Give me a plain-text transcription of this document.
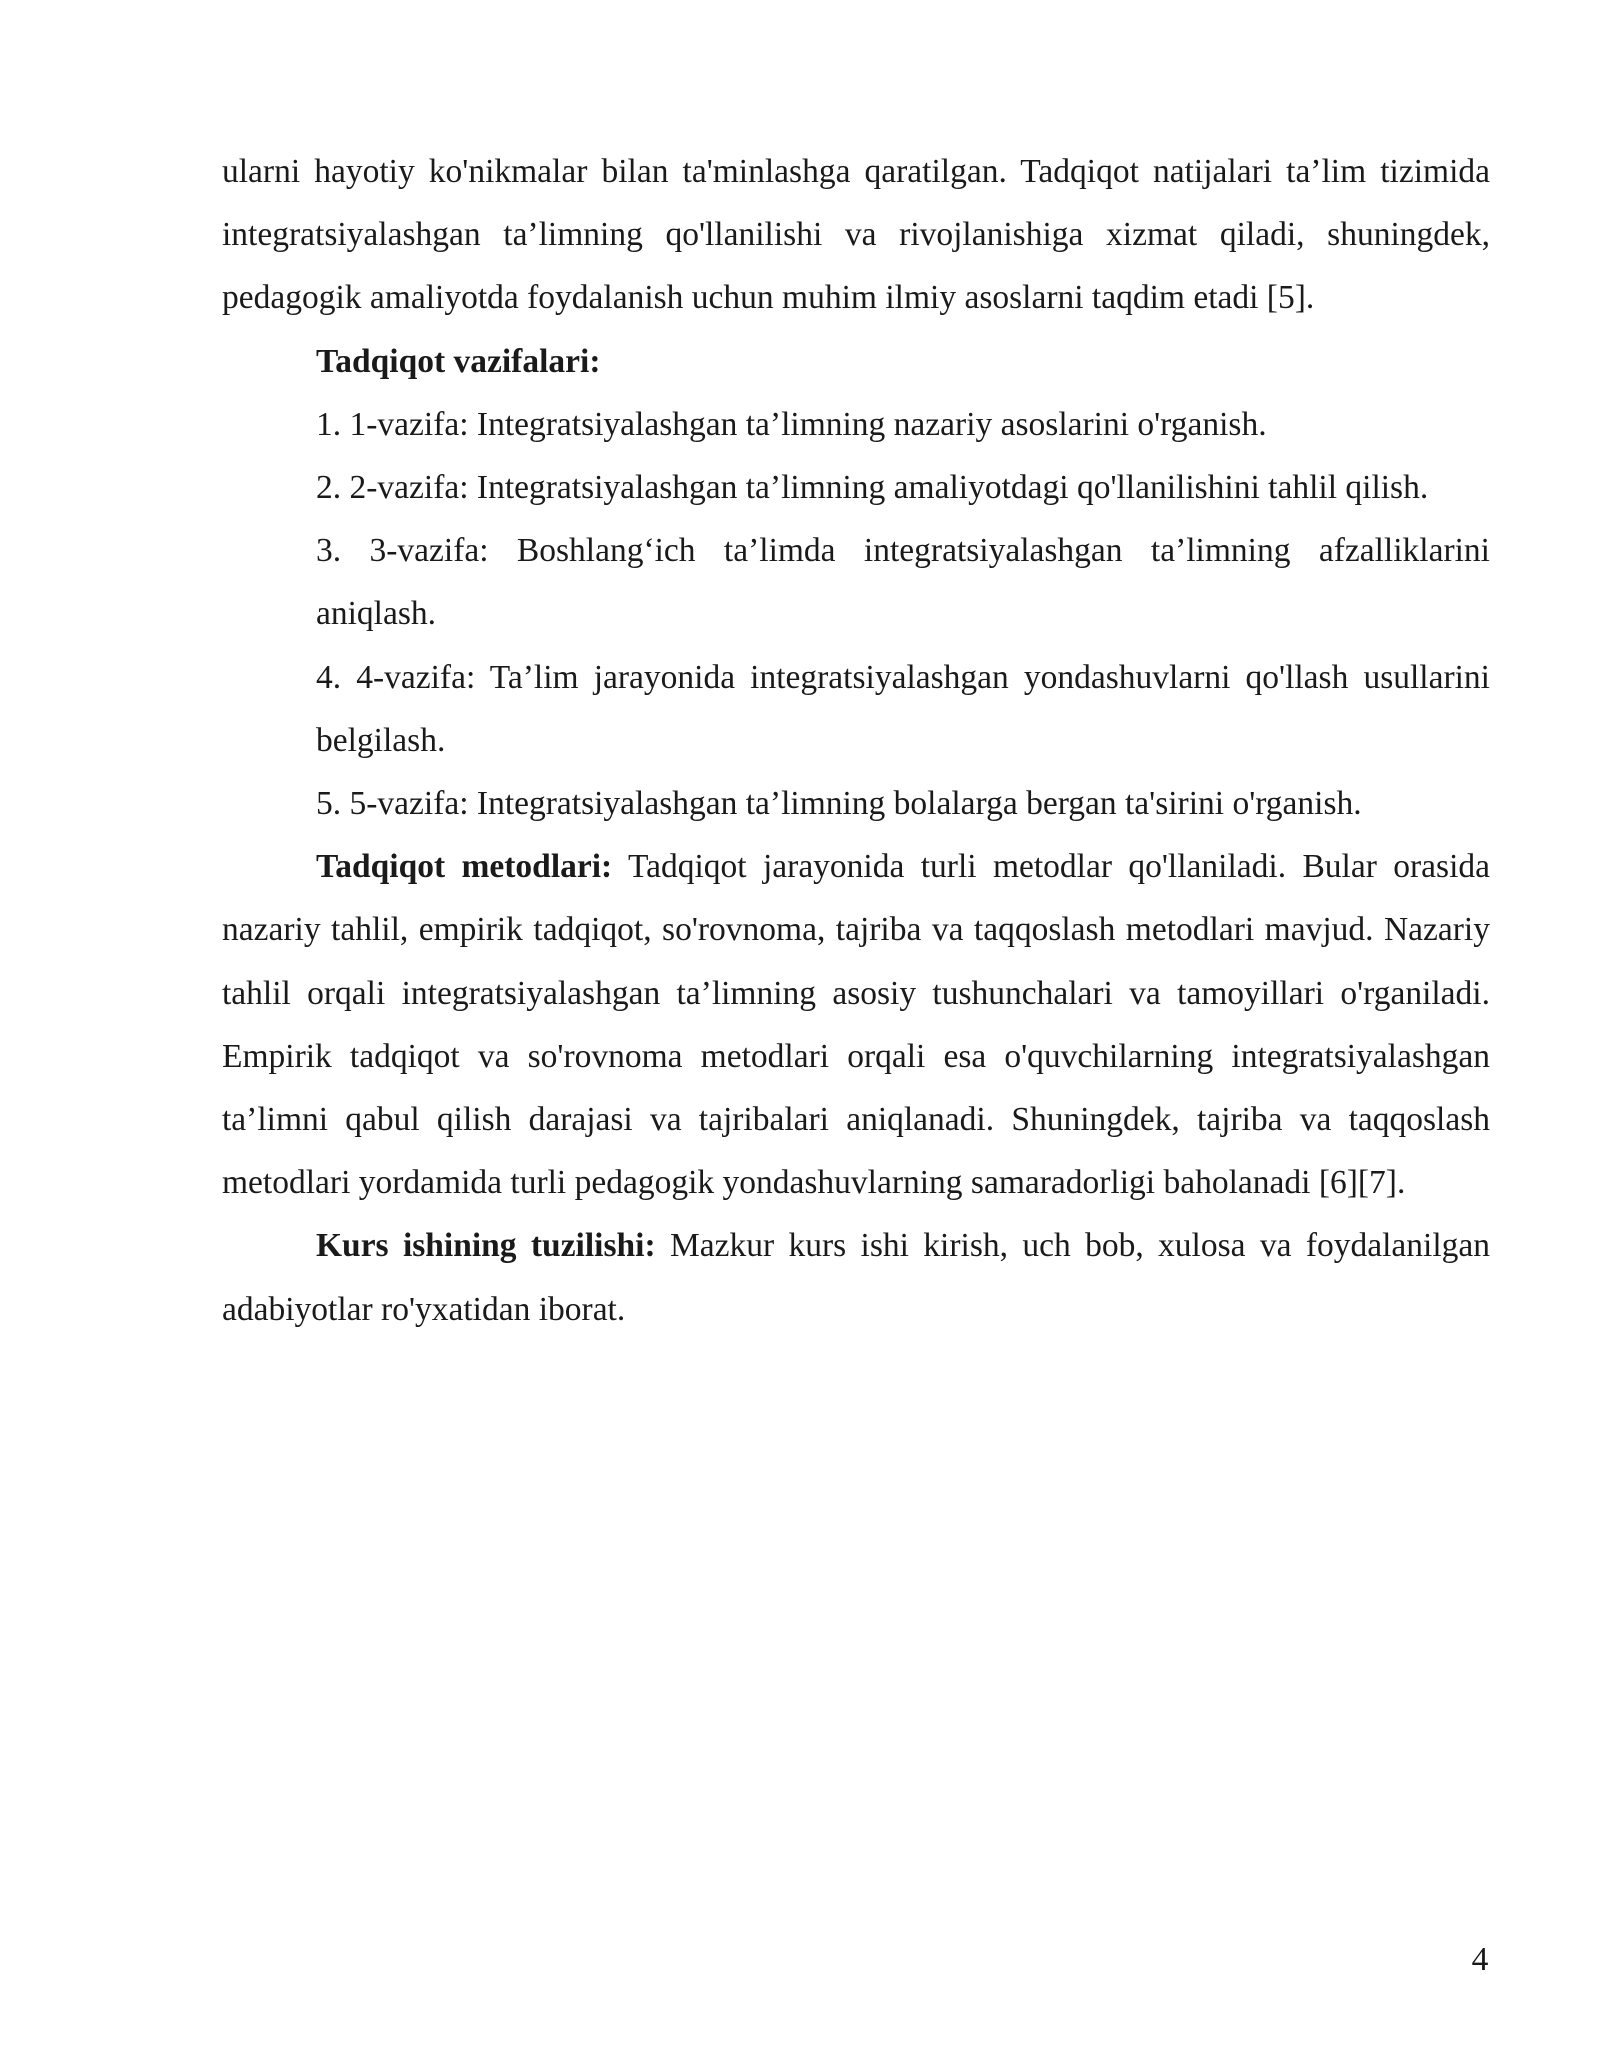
ularni hayotiy ko'nikmalar bilan ta'minlashga qaratilgan. Tadqiqot natijalari ta’lim tizimida integratsiyalashgan ta’limning qo'llanilishi va rivojlanishiga xizmat qiladi, shuningdek, pedagogik amaliyotda foydalanish uchun muhim ilmiy asoslarni taqdim etadi [5].

Tadqiqot vazifalari:

1. 1-vazifa: Integratsiyalashgan ta’limning nazariy asoslarini o'rganish.

2. 2-vazifa: Integratsiyalashgan ta’limning amaliyotdagi qo'llanilishini tahlil qilish.

3. 3-vazifa: Boshlang‘ich ta’limda integratsiyalashgan ta’limning afzalliklarini aniqlash.

4. 4-vazifa: Ta’lim jarayonida integratsiyalashgan yondashuvlarni qo'llash usullarini belgilash.

5. 5-vazifa: Integratsiyalashgan ta’limning bolalarga bergan ta'sirini o'rganish.

Tadqiqot metodlari: Tadqiqot jarayonida turli metodlar qo'llaniladi. Bular orasida nazariy tahlil, empirik tadqiqot, so'rovnoma, tajriba va taqqoslash metodlari mavjud. Nazariy tahlil orqali integratsiyalashgan ta’limning asosiy tushunchalari va tamoyillari o'rganiladi. Empirik tadqiqot va so'rovnoma metodlari orqali esa o'quvchilarning integratsiyalashgan ta’limni qabul qilish darajasi va tajribalari aniqlanadi. Shuningdek, tajriba va taqqoslash metodlari yordamida turli pedagogik yondashuvlarning samaradorligi baholanadi [6][7].

Kurs ishining tuzilishi: Mazkur kurs ishi kirish, uch bob, xulosa va foydalanilgan adabiyotlar ro'yxatidan iborat.

4
